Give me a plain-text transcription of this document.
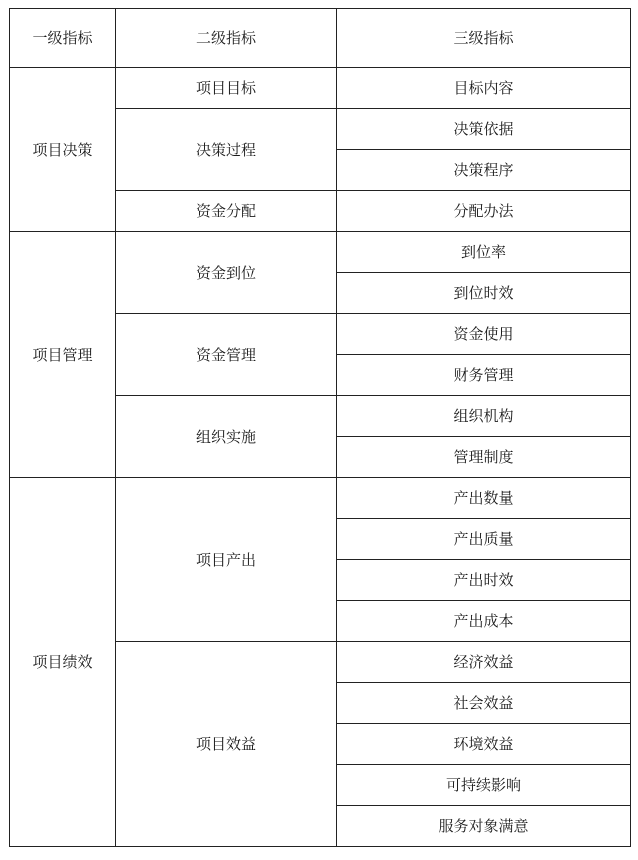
一级指标	二级指标	三级指标
项目决策	项目目标	目标内容
	决策过程	决策依据
		决策程序
	资金分配	分配办法
项目管理	资金到位	到位率
		到位时效
	资金管理	资金使用
		财务管理
	组织实施	组织机构
		管理制度
项目绩效	项目产出	产出数量
		产出质量
		产出时效
		产出成本
	项目效益	经济效益
		社会效益
		环境效益
		可持续影响
		服务对象满意
